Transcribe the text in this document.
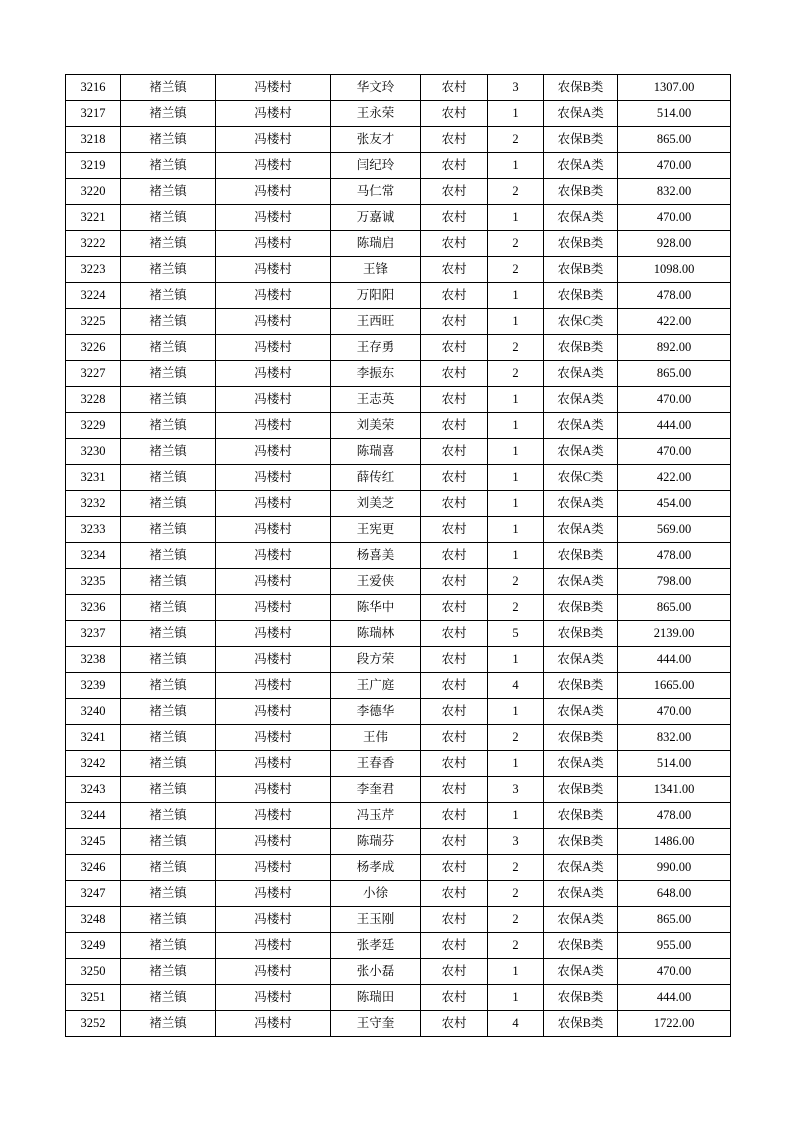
3216	褚兰镇	冯楼村	华文玲	农村	3	农保B类	1307.00
3217	褚兰镇	冯楼村	王永荣	农村	1	农保A类	514.00
3218	褚兰镇	冯楼村	张友才	农村	2	农保B类	865.00
3219	褚兰镇	冯楼村	闫纪玲	农村	1	农保A类	470.00
3220	褚兰镇	冯楼村	马仁常	农村	2	农保B类	832.00
3221	褚兰镇	冯楼村	万嘉诚	农村	1	农保A类	470.00
3222	褚兰镇	冯楼村	陈瑞启	农村	2	农保B类	928.00
3223	褚兰镇	冯楼村	王锋	农村	2	农保B类	1098.00
3224	褚兰镇	冯楼村	万阳阳	农村	1	农保B类	478.00
3225	褚兰镇	冯楼村	王西旺	农村	1	农保C类	422.00
3226	褚兰镇	冯楼村	王存勇	农村	2	农保B类	892.00
3227	褚兰镇	冯楼村	李振东	农村	2	农保A类	865.00
3228	褚兰镇	冯楼村	王志英	农村	1	农保A类	470.00
3229	褚兰镇	冯楼村	刘美荣	农村	1	农保A类	444.00
3230	褚兰镇	冯楼村	陈瑞喜	农村	1	农保A类	470.00
3231	褚兰镇	冯楼村	薛传红	农村	1	农保C类	422.00
3232	褚兰镇	冯楼村	刘美芝	农村	1	农保A类	454.00
3233	褚兰镇	冯楼村	王宪更	农村	1	农保A类	569.00
3234	褚兰镇	冯楼村	杨喜美	农村	1	农保B类	478.00
3235	褚兰镇	冯楼村	王爱侠	农村	2	农保A类	798.00
3236	褚兰镇	冯楼村	陈华中	农村	2	农保B类	865.00
3237	褚兰镇	冯楼村	陈瑞林	农村	5	农保B类	2139.00
3238	褚兰镇	冯楼村	段方荣	农村	1	农保A类	444.00
3239	褚兰镇	冯楼村	王广庭	农村	4	农保B类	1665.00
3240	褚兰镇	冯楼村	李德华	农村	1	农保A类	470.00
3241	褚兰镇	冯楼村	王伟	农村	2	农保B类	832.00
3242	褚兰镇	冯楼村	王春香	农村	1	农保A类	514.00
3243	褚兰镇	冯楼村	李奎君	农村	3	农保B类	1341.00
3244	褚兰镇	冯楼村	冯玉芹	农村	1	农保B类	478.00
3245	褚兰镇	冯楼村	陈瑞芬	农村	3	农保B类	1486.00
3246	褚兰镇	冯楼村	杨孝成	农村	2	农保A类	990.00
3247	褚兰镇	冯楼村	小徐	农村	2	农保A类	648.00
3248	褚兰镇	冯楼村	王玉刚	农村	2	农保A类	865.00
3249	褚兰镇	冯楼村	张孝廷	农村	2	农保B类	955.00
3250	褚兰镇	冯楼村	张小磊	农村	1	农保A类	470.00
3251	褚兰镇	冯楼村	陈瑞田	农村	1	农保B类	444.00
3252	褚兰镇	冯楼村	王守奎	农村	4	农保B类	1722.00
